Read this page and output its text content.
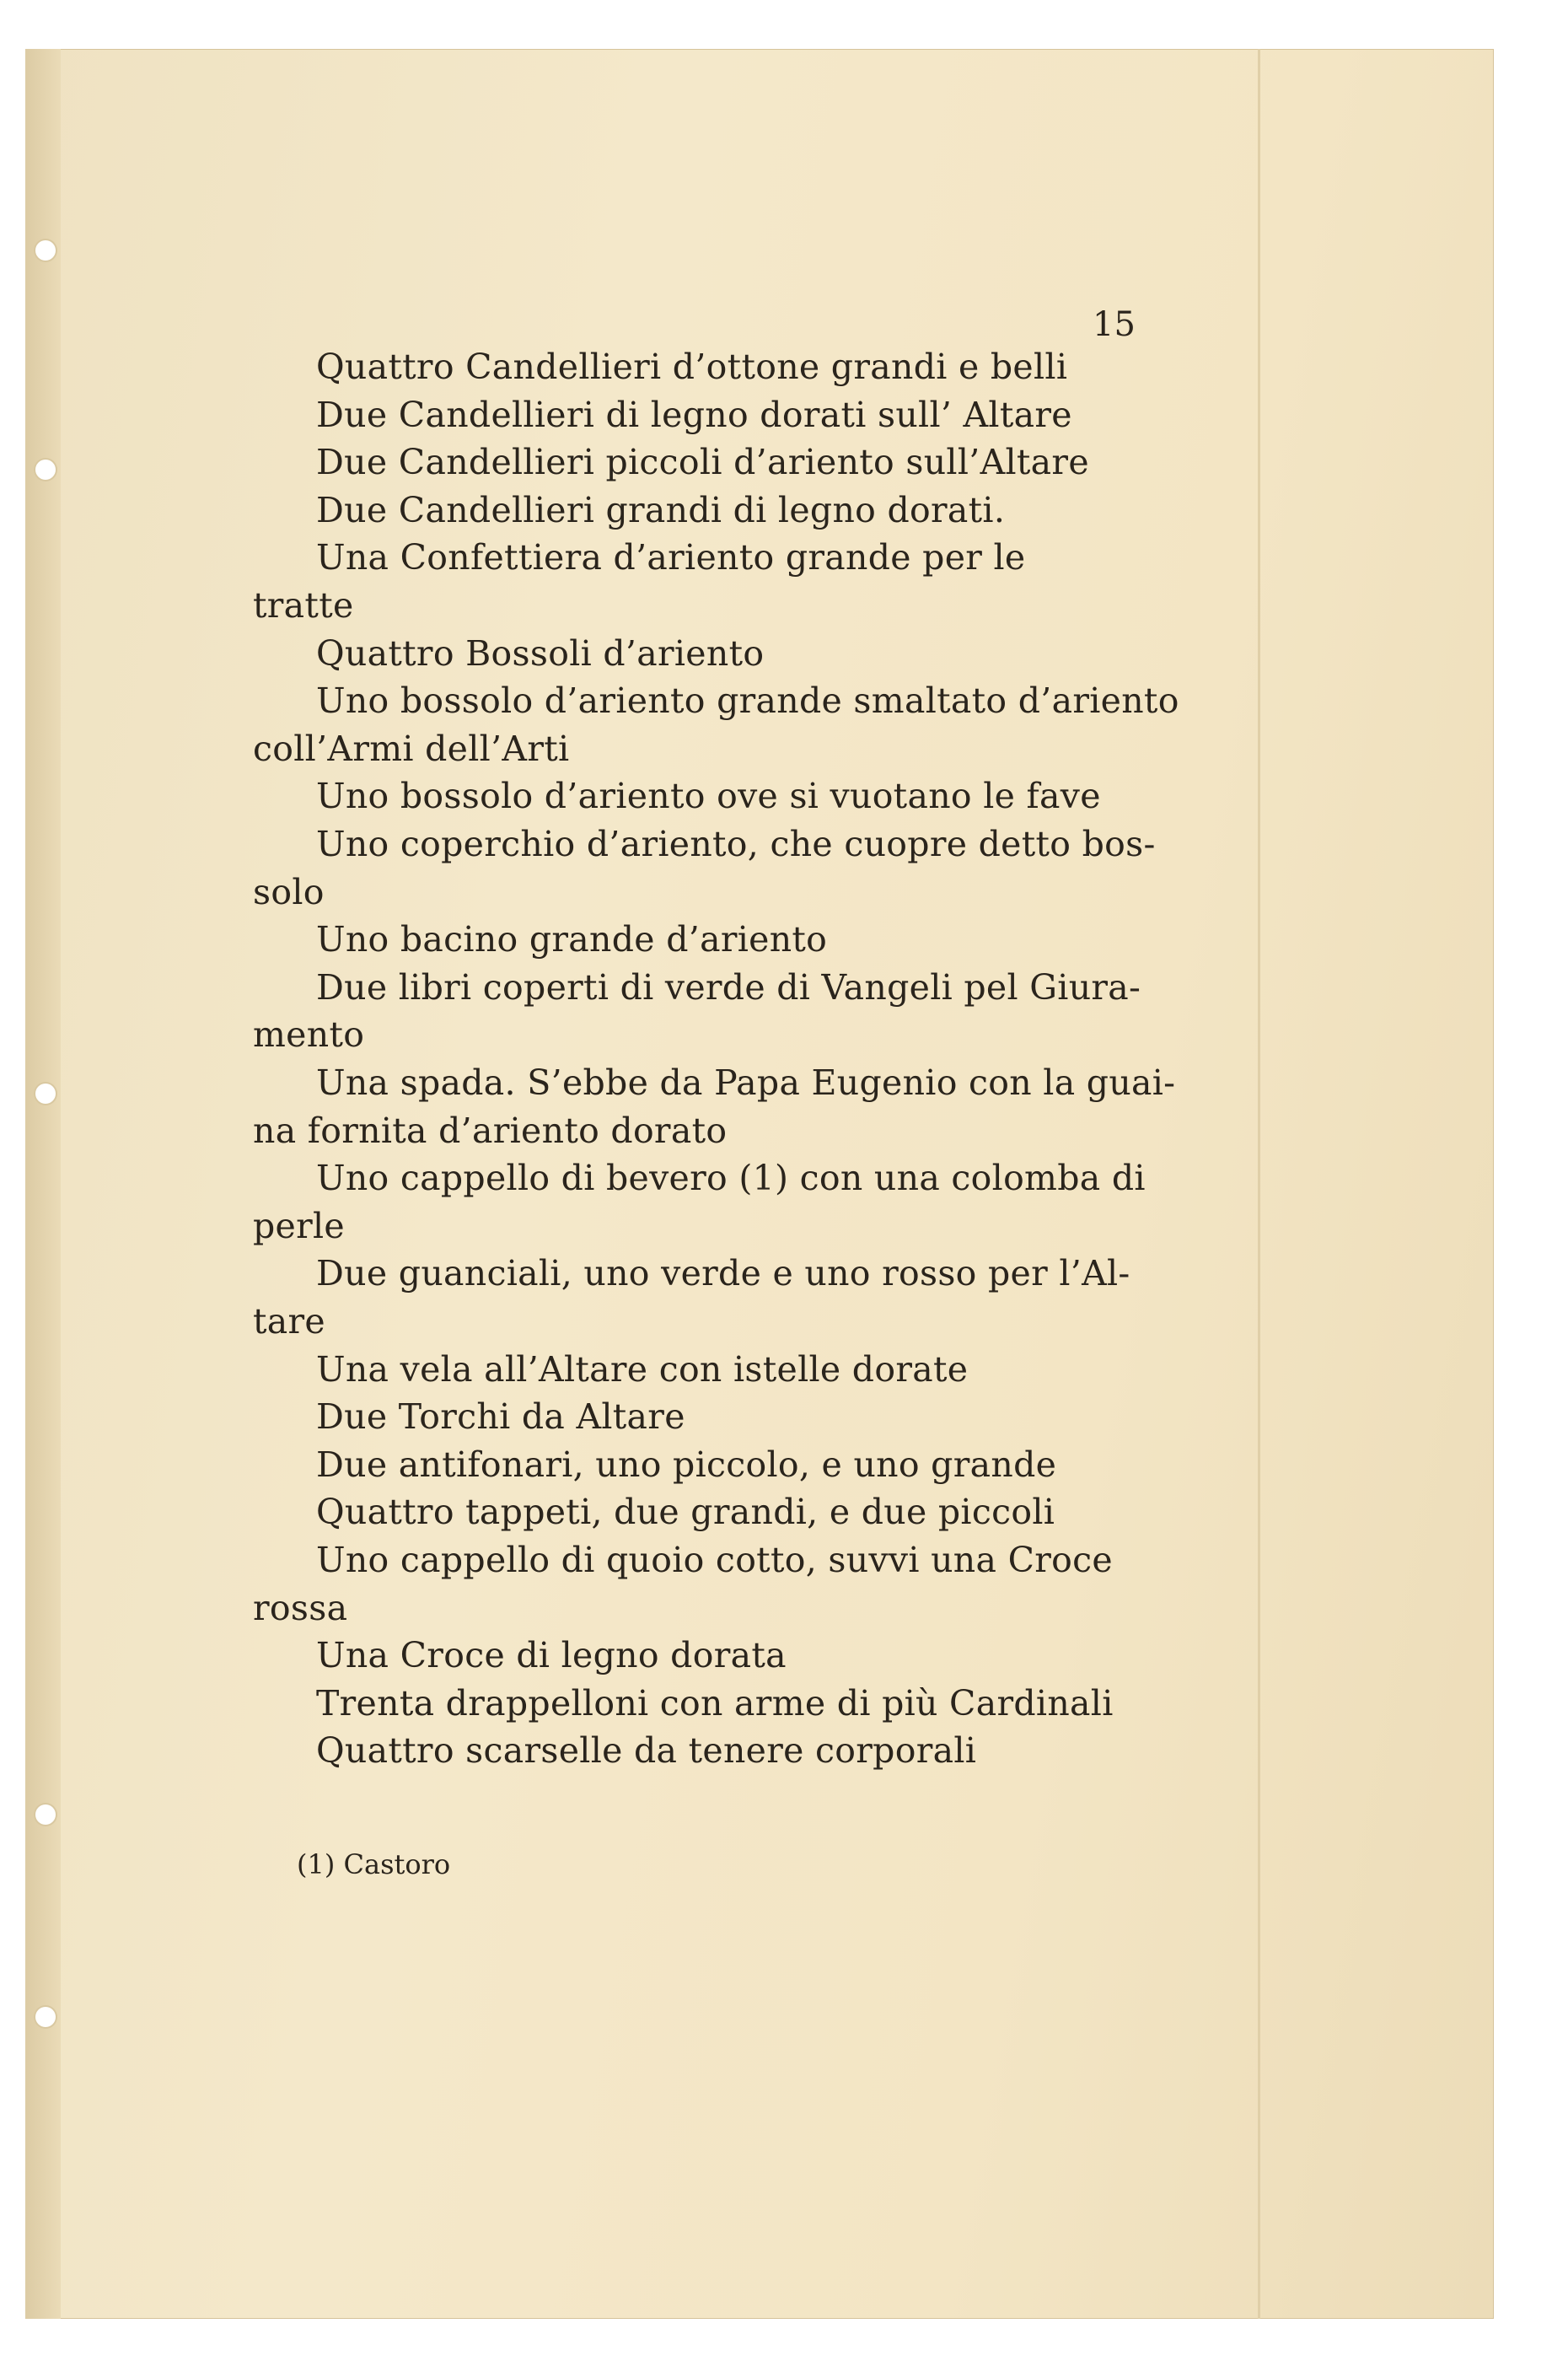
15
Quattro Candellieri d’ottone grandi e belli
Due Candellieri di legno dorati sull’ Altare
Due Candellieri piccoli d’ariento sull’Altare
Due Candellieri grandi di legno dorati.
Una Confettiera d’ariento grande per le
tratte
Quattro Bossoli d’ariento
Uno bossolo d’ariento grande smaltato d’ariento
coll’Armi dell’Arti
Uno bossolo d’ariento ove si vuotano le fave
Uno coperchio d’ariento, che cuopre detto bos-
solo
Uno bacino grande d’ariento
Due libri coperti di verde di Vangeli pel Giura-
mento
Una spada. S’ebbe da Papa Eugenio con la guai-
na fornita d’ariento dorato
Uno cappello di bevero (1) con una colomba di
perle
Due guanciali, uno verde e uno rosso per l’Al-
tare
Una vela all’Altare con istelle dorate
Due Torchi da Altare
Due antifonari, uno piccolo, e uno grande
Quattro tappeti, due grandi, e due piccoli
Uno cappello di quoio cotto, suvvi una Croce
rossa
Una Croce di legno dorata
Trenta drappelloni con arme di più Cardinali
Quattro scarselle da tenere corporali
(1) Castoro
